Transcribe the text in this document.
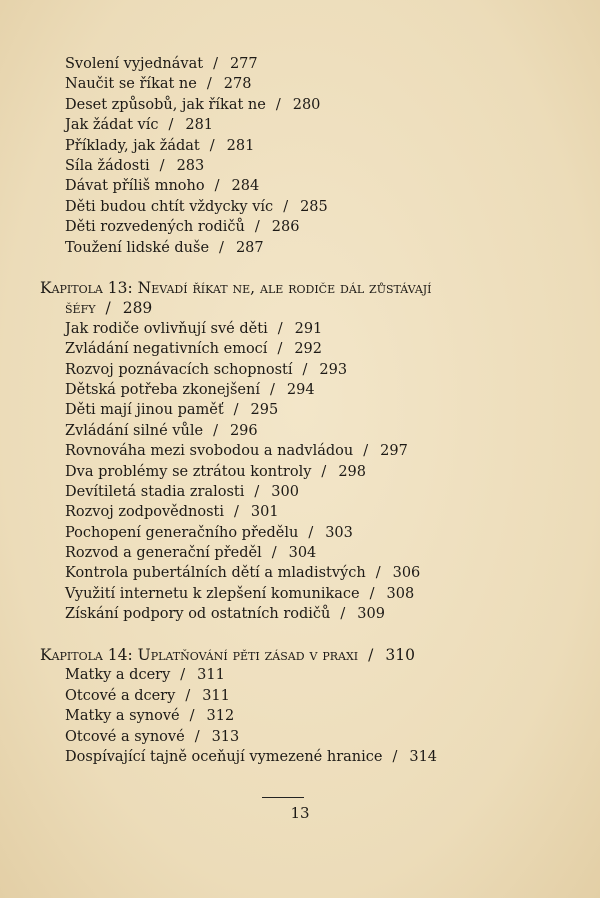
Svolení vyjednávat / 277
Naučit se říkat ne / 278
Deset způsobů, jak říkat ne / 280
Jak žádat víc / 281
Příklady, jak žádat / 281
Síla žádosti / 283
Dávat příliš mnoho / 284
Děti budou chtít vždycky víc / 285
Děti rozvedených rodičů / 286
Toužení lidské duše / 287
Kapitola 13: Nevadí říkat ne, ale rodiče dál zůstávají
šéfy / 289
Jak rodiče ovlivňují své děti / 291
Zvládání negativních emocí / 292
Rozvoj poznávacích schopností / 293
Dětská potřeba zkonejšení / 294
Děti mají jinou paměť / 295
Zvládání silné vůle / 296
Rovnováha mezi svobodou a nadvládou / 297
Dva problémy se ztrátou kontroly / 298
Devítiletá stadia zralosti / 300
Rozvoj zodpovědnosti / 301
Pochopení generačního předělu / 303
Rozvod a generační předěl / 304
Kontrola pubertálních dětí a mladistvých / 306
Využití internetu k zlepšení komunikace / 308
Získání podpory od ostatních rodičů / 309
Kapitola 14: Uplatňování pěti zásad v praxi / 310
Matky a dcery / 311
Otcové a dcery / 311
Matky a synové / 312
Otcové a synové / 313
Dospívající tajně oceňují vymezené hranice / 314
13
